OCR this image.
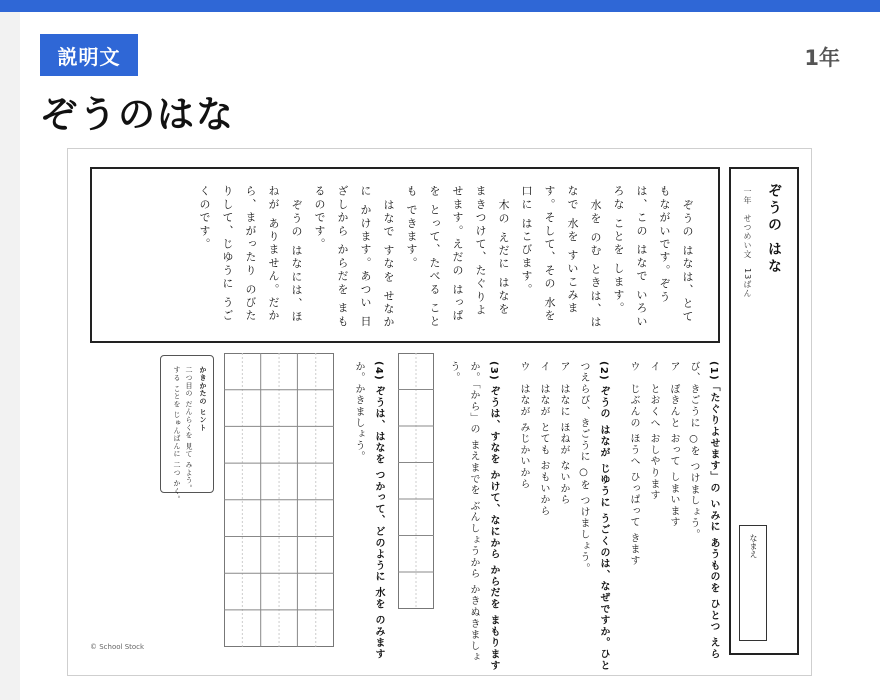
説明文	1年
ぞうのはな
ぞうの はなは、とて
もながいです。ぞう
は、この はなで いろい
ろな ことを します。
水を のむ ときは、は
なで 水を すいこみま
す。そして、その 水を
口に はこびます。
木の えだに はなを
まきつけて、たぐりよ
せます。えだの はっぱ
を とって、たべる こと
も できます。
はなで すなを せなか
に かけます。あつい 日
ざしから からだを まも
るのです。
ぞうの はなには、ほ
ねが ありません。だか
ら、まがったり のびた
りして、じゆうに うご
くのです。	ぞうの はな
一年　せつめい文　13ばん
なまえ
(1)「たぐりよせます」の いみに あうものを ひとつ えら
び、きごうに ○を つけましょう。
ア　ぽきんと おって しまいます
イ　とおくへ おしやります
ウ　じぶんの ほうへ ひっぱって きます
(2) ぞうの はなが じゆうに うごくのは、なぜですか。ひと
つえらび、きごうに ○を つけましょう。
ア　はなに ほねが ないから
イ　はなが とても おもいから
ウ　はなが みじかいから
(3) ぞうは、すなを かけて、なにから からだを まもります
か。「から」の まえまでを ぶんしょうから かきぬきましょ
う。
(4) ぞうは、はなを つかって、どのように 水を のみます
か。かきましょう。
かきかたの ヒント
二つ目の だんらくを 見て みよう。
する ことを じゅんばんに 二つ かく。
© School Stock
